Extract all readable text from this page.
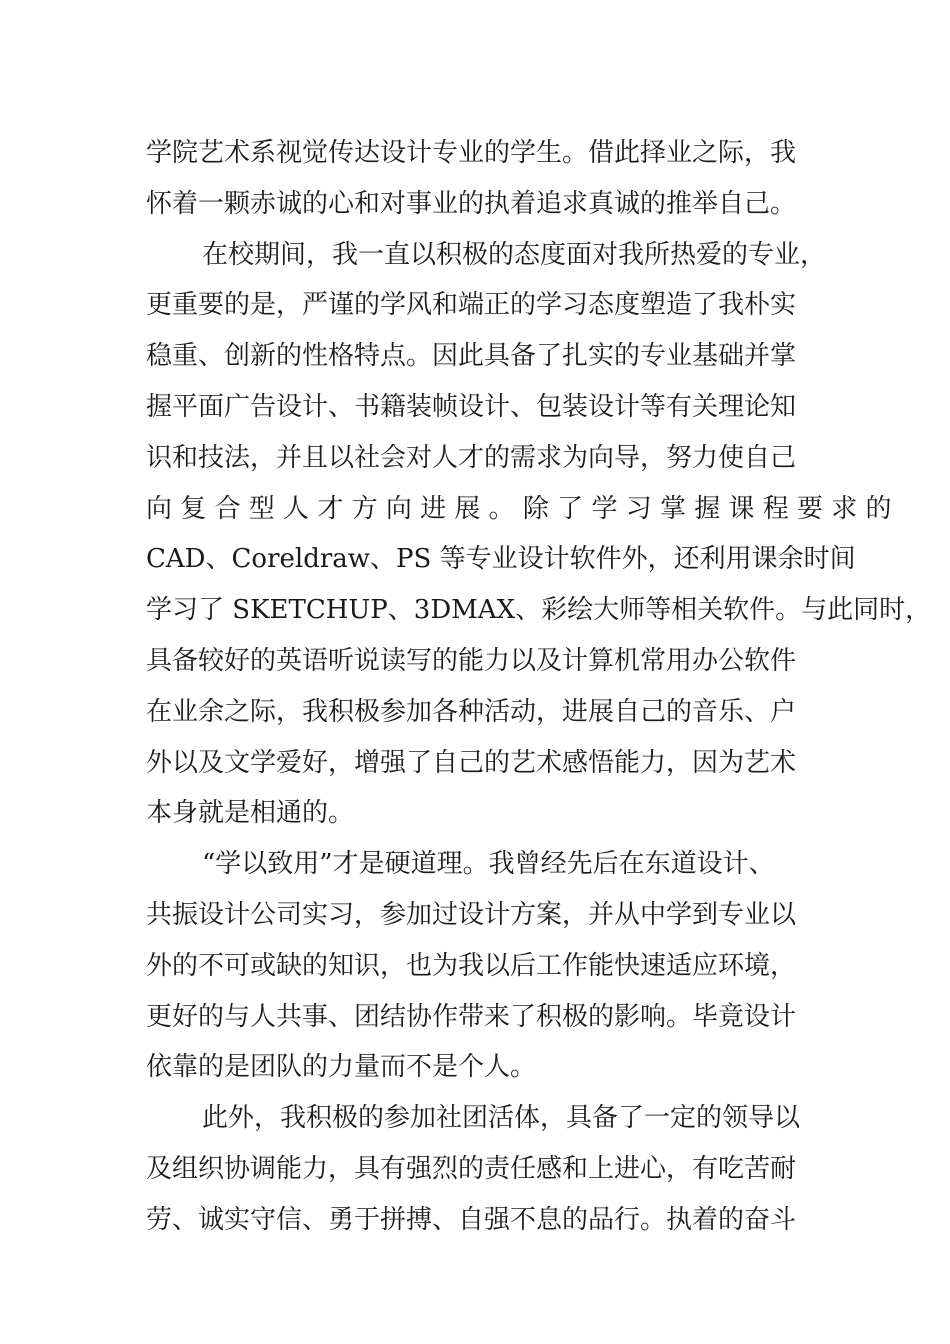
学院艺术系视觉传达设计专业的学生。借此择业之际，我
怀着一颗赤诚的心和对事业的执着追求真诚的推举自己。
在校期间，我一直以积极的态度面对我所热爱的专业，
更重要的是，严谨的学风和端正的学习态度塑造了我朴实
稳重、创新的性格特点。因此具备了扎实的专业基础并掌
握平面广告设计、书籍装帧设计、包装设计等有关理论知
识和技法，并且以社会对人才的需求为向导，努力使自己
向 复 合 型 人 才 方 向 进 展 。 除 了 学 习 掌 握 课 程 要 求 的
CAD、Coreldraw、PS 等专业设计软件外，还利用课余时间
学习了 SKETCHUP、3DMAX、彩绘大师等相关软件。与此同时，
具备较好的英语听说读写的能力以及计算机常用办公软件
在业余之际，我积极参加各种活动，进展自己的音乐、户
外以及文学爱好，增强了自己的艺术感悟能力，因为艺术
本身就是相通的。
“学以致用”才是硬道理。我曾经先后在东道设计、
共振设计公司实习，参加过设计方案，并从中学到专业以
外的不可或缺的知识，也为我以后工作能快速适应环境，
更好的与人共事、团结协作带来了积极的影响。毕竟设计
依靠的是团队的力量而不是个人。
此外，我积极的参加社团活体，具备了一定的领导以
及组织协调能力，具有强烈的责任感和上进心，有吃苦耐
劳、诚实守信、勇于拼搏、自强不息的品行。执着的奋斗
